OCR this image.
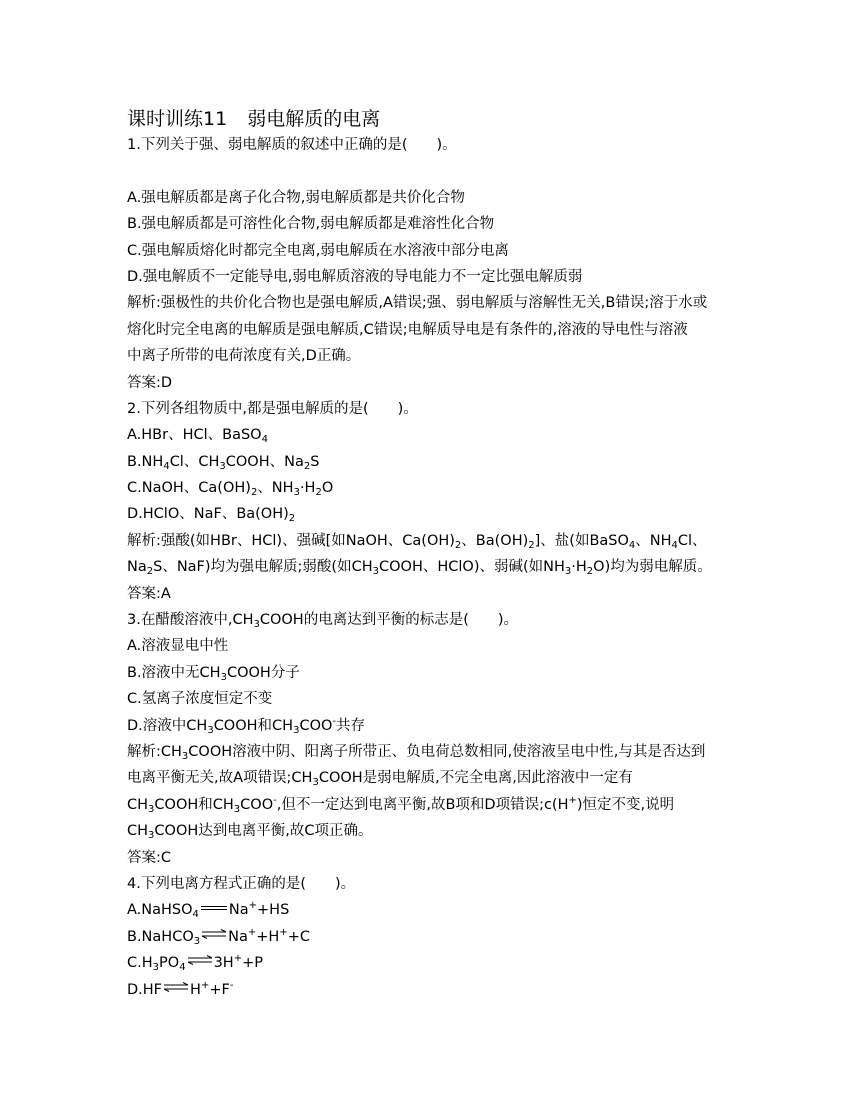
课时训练11 弱电解质的电离
1.下列关于强、弱电解质的叙述中正确的是(　　)。
A.强电解质都是离子化合物,弱电解质都是共价化合物
B.强电解质都是可溶性化合物,弱电解质都是难溶性化合物
C.强电解质熔化时都完全电离,弱电解质在水溶液中部分电离
D.强电解质不一定能导电,弱电解质溶液的导电能力不一定比强电解质弱
解析:强极性的共价化合物也是强电解质,A错误;强、弱电解质与溶解性无关,B错误;溶于水或
熔化时完全电离的电解质是强电解质,C错误;电解质导电是有条件的,溶液的导电性与溶液
中离子所带的电荷浓度有关,D正确。
答案:D
2.下列各组物质中,都是强电解质的是(　　)。
A.HBr、HCl、BaSO$_4$
$B.NH_4Cl$、$CH_3COOH$、$Na_2S$
C.NaOH、$Ca(OH)_2$、$NH_3\cdot H_2O$
D.HClO、NaF、$Ba(OH)_2$
解析:强酸(如HBr、HCl)、强碱[如NaOH、$Ca(OH)_2$、$Ba(OH)_2$]、盐(如BaSO$_4$、$NH_4Cl$、
$Na_2S$、NaF)均为强电解质;弱酸(如$CH_3COOH$、HClO)、弱碱(如$NH_3\cdot H_2O$)均为弱电解质。
答案:A
3.在醋酸溶液中$,CH_3COOH$的电离达到平衡的标志是(　　)。
A.溶液显电中性
B.溶液中无$CH_3COOH$分子
C.氢离子浓度恒定不变
D.溶液中$CH_3COOH$和$CH_3COO^-$共存
解析$:CH_3COOH$溶液中阴、阳离子所带正、负电荷总数相同,使溶液呈电中性,与其是否达到
电离平衡无关,故A项错误$;CH_3COOH$是弱电解质,不完全电离,因此溶液中一定有
$CH_3COOH$和$CH_3COO^-$,但不一定达到电离平衡,故B项和D项错误;c(H+)恒定不变,说明
$CH_3COOH$达到电离平衡,故C项正确。
答案:C
4.下列电离方程式正确的是(　　)。
A.NaHSO$_4$ Na++HS
B.NaHCO$_3$ ⇌Na++H++C
$C.H_3PO_4$ ⇌3H++P
D.HF⇌H++F-
